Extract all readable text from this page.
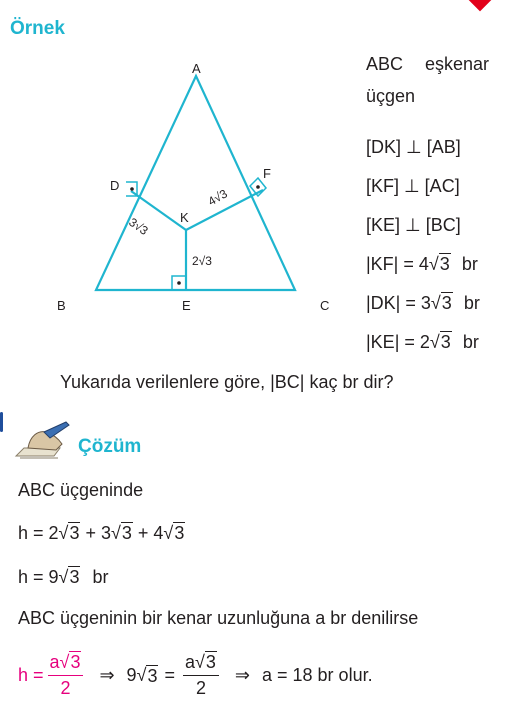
Örnek
A
B	C
D
E
F
K
3√3
4√3
2√3
ABC eşkenar
üçgen
[DK] ⊥ [AB]
[KF] ⊥ [AC]
[KE] ⊥ [BC]
|KF| = 4√3 br
|DK| = 3√3 br
|KE| = 2√3 br
Yukarıda verilenlere göre, |BC| kaç br dir?
Çözüm
ABC üçgeninde
h = 2√3 + 3√3 + 4√3
h = 9√3 br
ABC üçgeninin bir kenar uzunluğuna a br denilirse
$h = \frac{a√3}{2}$ ⇒ 9 √ $3 = \frac{a√3}{2}$ ⇒ a = 18 br olur.
